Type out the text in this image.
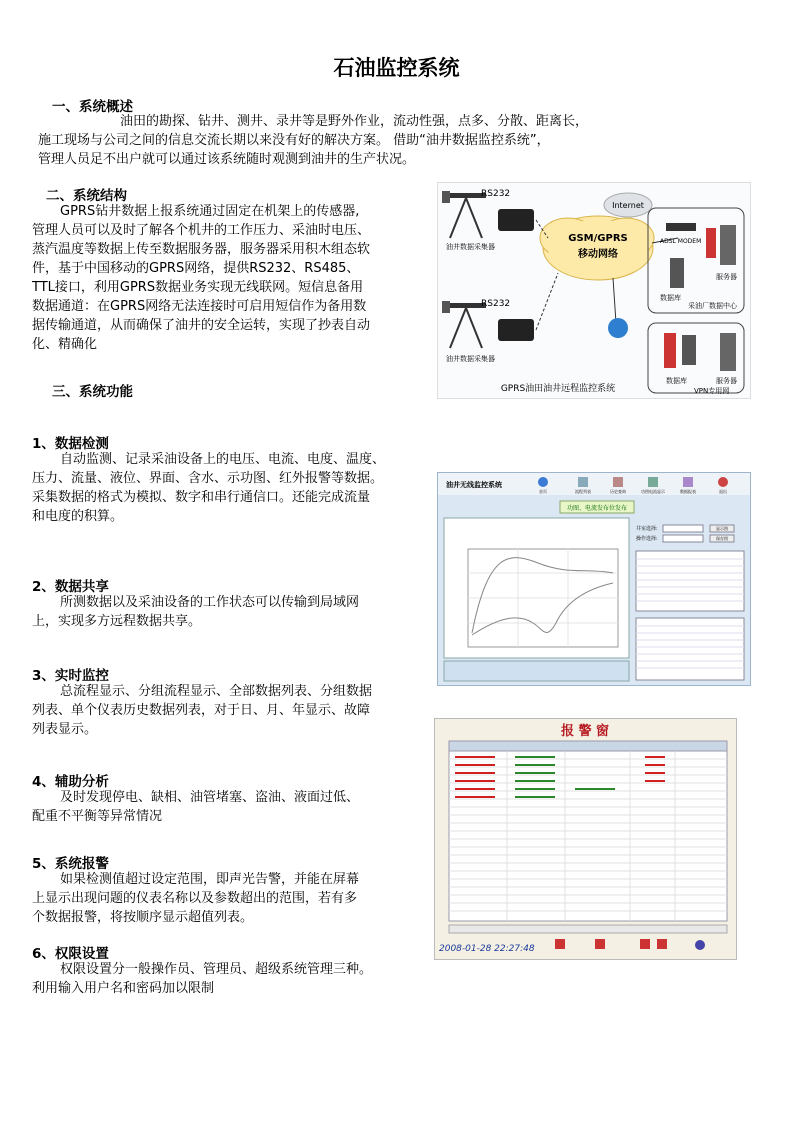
石油监控系统
一、系统概述
油田的勘探、钻井、测井、录井等是野外作业，流动性强，点多、分散、距离长，
施工现场与公司之间的信息交流长期以来没有好的解决方案。 借助“油井数据监控系统”，
管理人员足不出户就可以通过该系统随时观测到油井的生产状况。
二、系统结构
GPRS钻井数据上报系统通过固定在机架上的传感器,
管理人员可以及时了解各个机井的工作压力、采油时电压、
蒸汽温度等数据上传至数据服务器，服务器采用积木组态软
件，基于中国移动的GPRS网络，提供RS232、RS485、
TTL接口，利用GPRS数据业务实现无线联网。短信息备用
数据通道：在GPRS网络无法连接时可启用短信作为备用数
据传输通道，从而确保了油井的安全运转，实现了抄表自动
化、精确化
三、系统功能
1、数据检测
自动监测、记录采油设备上的电压、电流、电度、温度、
压力、流量、液位、界面、含水、示功图、红外报警等数据。
采集数据的格式为模拟、数字和串行通信口。还能完成流量
和电度的积算。
2、数据共享
所测数据以及采油设备的工作状态可以传输到局域网
上，实现多方远程数据共享。
3、实时监控
总流程显示、分组流程显示、全部数据列表、分组数据
列表、单个仪表历史数据列表，对于日、月、年显示、故障
列表显示。
4、辅助分析
及时发现停电、缺相、油管堵塞、盗油、液面过低、
配重不平衡等异常情况
5、系统报警
如果检测值超过设定范围，即声光告警，并能在屏幕
上显示出现问题的仪表名称以及参数超出的范围，若有多
个数据报警，将按顺序显示超值列表。
6、权限设置
权限设置分一般操作员、管理员、超级系统管理三种。
利用输入用户名和密码加以限制
RS232
RS232
油井数据采集器
油井数据采集器
GSM/GPRS
移动网络
Internet
ADSL MODEM
服务器
数据库
采油厂数据中心
数据库	服务器
VPN专用网
GPRS油田油井远程监控系统
油井无线监控系统
首页	流程列表	历史查询	功图电流显示	数据报表	退出
功图、电流发布位发布
井室选择:
操作选择:
显示图
保存图
报 警 窗
2008-01-28 22:27:48
